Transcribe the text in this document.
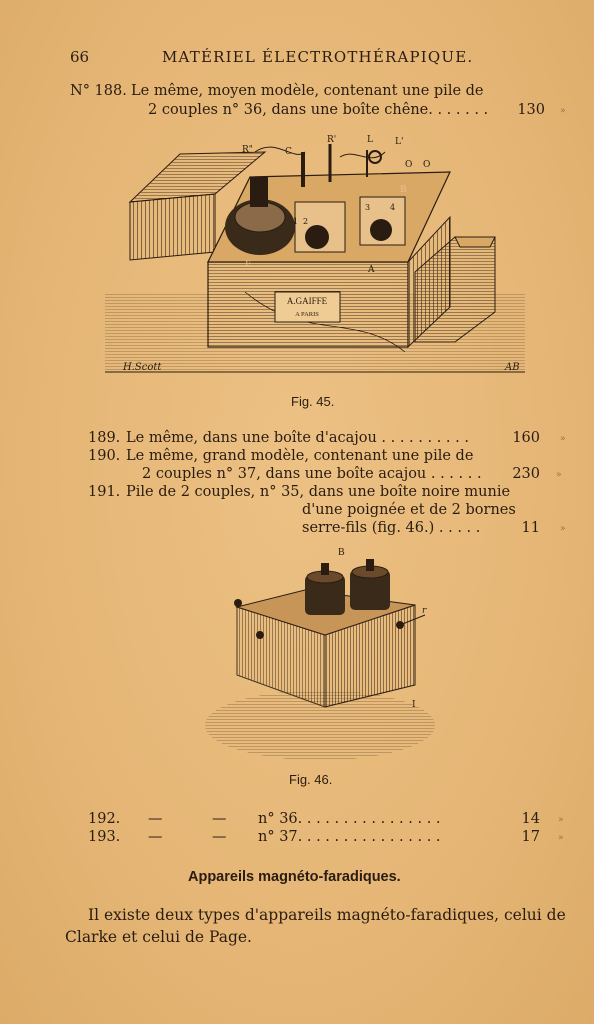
66	MATÉRIEL ÉLECTROTHÉRAPIQUE.
N° 188. Le même, moyen modèle, contenant une pile de
2 couples n° 36, dans une boîte chêne. . . . . . .	130 »
A.GAIFFE
A PARIS
R"	C
R'	L L'
O O
B
E	A
1 2
3 4
H.Scott	AB
Fig. 45.
189. Le même, dans une boîte d'acajou . . . . . . . . . .	160 »
190. Le même, grand modèle, contenant une pile de
2 couples n° 37, dans une boîte acajou . . . . . .	230 »
191. Pile de 2 couples, n° 35, dans une boîte noire munie
d'une poignée et de 2 bornes
serre-fils (fig. 46.) . . . . .	11 »
B
r
I
Fig. 46.
192. —	— n° 36. . . . . . . . . . . . . . . .	14 »
193. —	— n° 37. . . . . . . . . . . . . . . .	17 »
Appareils magnéto-faradiques.
Il existe deux types d'appareils magnéto-faradiques, celui de
Clarke et celui de Page.
